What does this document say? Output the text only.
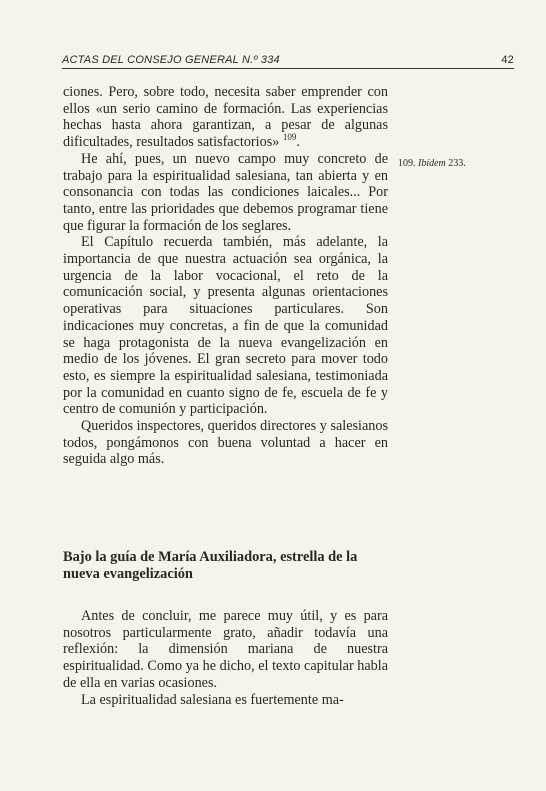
ACTAS DEL CONSEJO GENERAL N.º 334	42

ciones. Pero, sobre todo, necesita saber emprender con ellos «un serio camino de formación. Las experiencias hechas hasta ahora garantizan, a pesar de algunas dificultades, resultados satisfactorios» $^{109}$.

He ahí, pues, un nuevo campo muy concreto de trabajo para la espiritualidad salesiana, tan abierta y en consonancia con todas las condiciones laicales... Por tanto, entre las prioridades que debemos programar tiene que figurar la formación de los seglares.

El Capítulo recuerda también, más adelante, la importancia de que nuestra actuación sea orgánica, la urgencia de la labor vocacional, el reto de la comunicación social, y presenta algunas orientaciones operativas para situaciones particulares. Son indicaciones muy concretas, a fin de que la comunidad se haga protagonista de la nueva evangelización en medio de los jóvenes. El gran secreto para mover todo esto, es siempre la espiritualidad salesiana, testimoniada por la comunidad en cuanto signo de fe, escuela de fe y centro de comunión y participación.

Queridos inspectores, queridos directores y salesianos todos, pongámonos con buena voluntad a hacer en seguida algo más.

109. Ibídem 233.
Bajo la guía de María Auxiliadora, estrella de la nueva evangelización

Antes de concluir, me parece muy útil, y es para nosotros particularmente grato, añadir todavía una reflexión: la dimensión mariana de nuestra espiritualidad. Como ya he dicho, el texto capitular habla de ella en varias ocasiones.

La espiritualidad salesiana es fuertemente ma-
